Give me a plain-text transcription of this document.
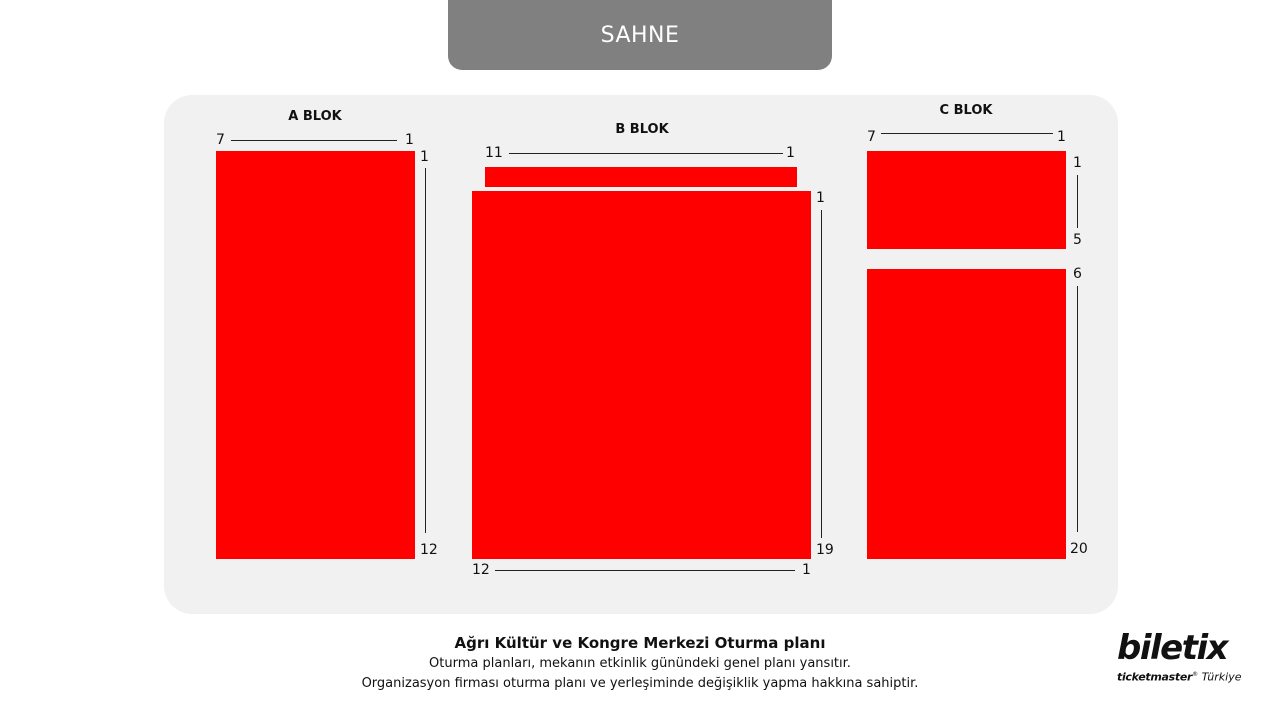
SAHNE
A BLOK
7	1
1
12
B BLOK
11	1
1
19
12	1
C BLOK
7	1
1
5
6
20
Ağrı Kültür ve Kongre Merkezi Oturma planı
Oturma planları, mekanın etkinlik günündeki genel planı yansıtır.
Organizasyon firması oturma planı ve yerleşiminde değişiklik yapma hakkına sahiptir.
biletix
ticketmaster® Türkiye
